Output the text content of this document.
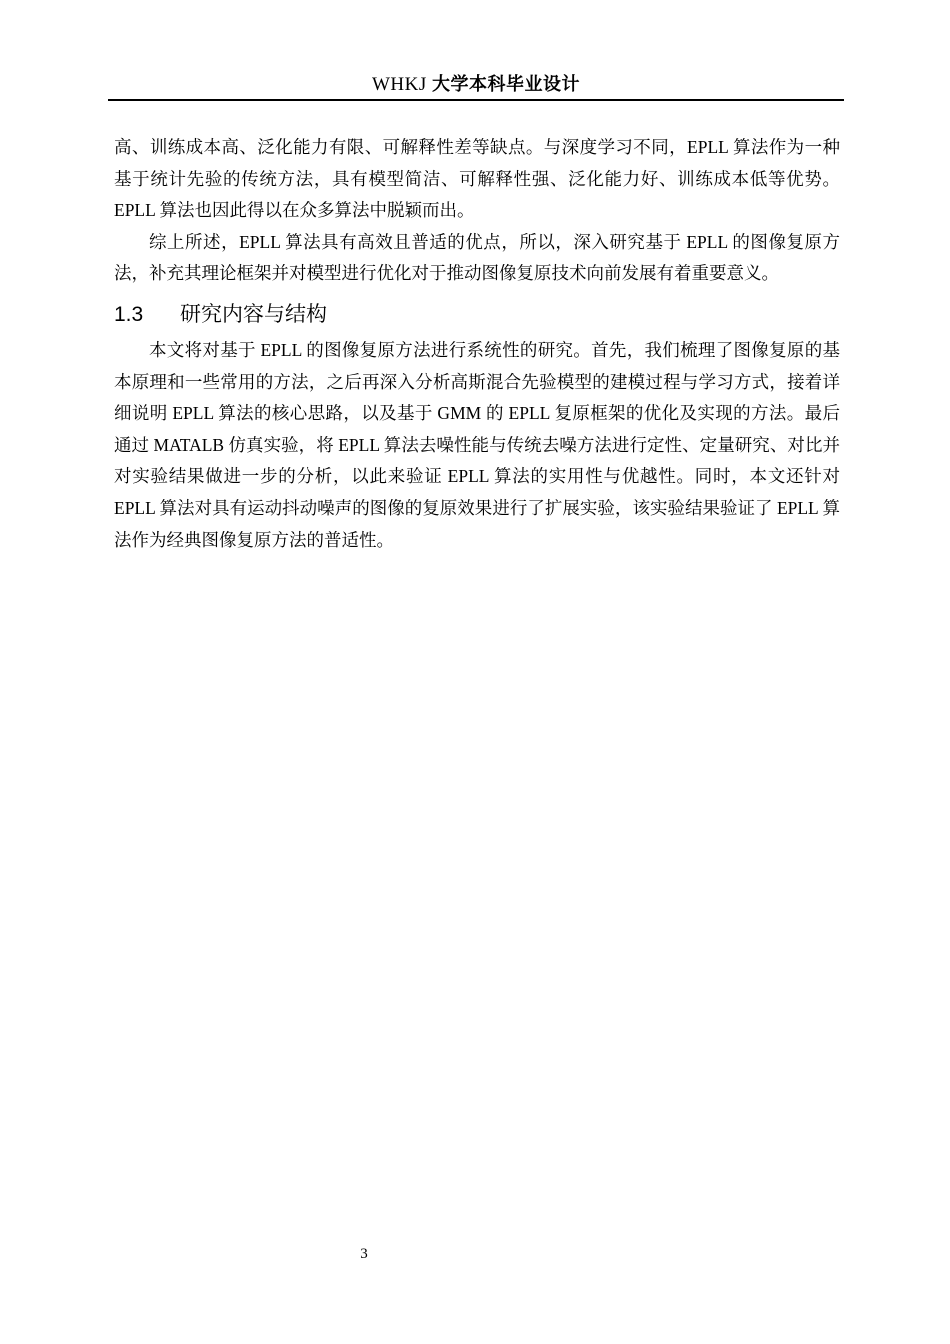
WHKJ 大学本科毕业设计

高、训练成本高、泛化能力有限、可解释性差等缺点。与深度学习不同，EPLL 算法作为一种基于统计先验的传统方法，具有模型简洁、可解释性强、泛化能力好、训练成本低等优势。EPLL 算法也因此得以在众多算法中脱颖而出。

综上所述，EPLL 算法具有高效且普适的优点，所以，深入研究基于 EPLL 的图像复原方法，补充其理论框架并对模型进行优化对于推动图像复原技术向前发展有着重要意义。

1.3 研究内容与结构

本文将对基于 EPLL 的图像复原方法进行系统性的研究。首先，我们梳理了图像复原的基本原理和一些常用的方法，之后再深入分析高斯混合先验模型的建模过程与学习方式，接着详细说明 EPLL 算法的核心思路，以及基于 GMM 的 EPLL 复原框架的优化及实现的方法。最后通过 MATALB 仿真实验，将 EPLL 算法去噪性能与传统去噪方法进行定性、定量研究、对比并对实验结果做进一步的分析，以此来验证 EPLL 算法的实用性与优越性。同时，本文还针对 EPLL 算法对具有运动抖动噪声的图像的复原效果进行了扩展实验，该实验结果验证了 EPLL 算法作为经典图像复原方法的普适性。

3
